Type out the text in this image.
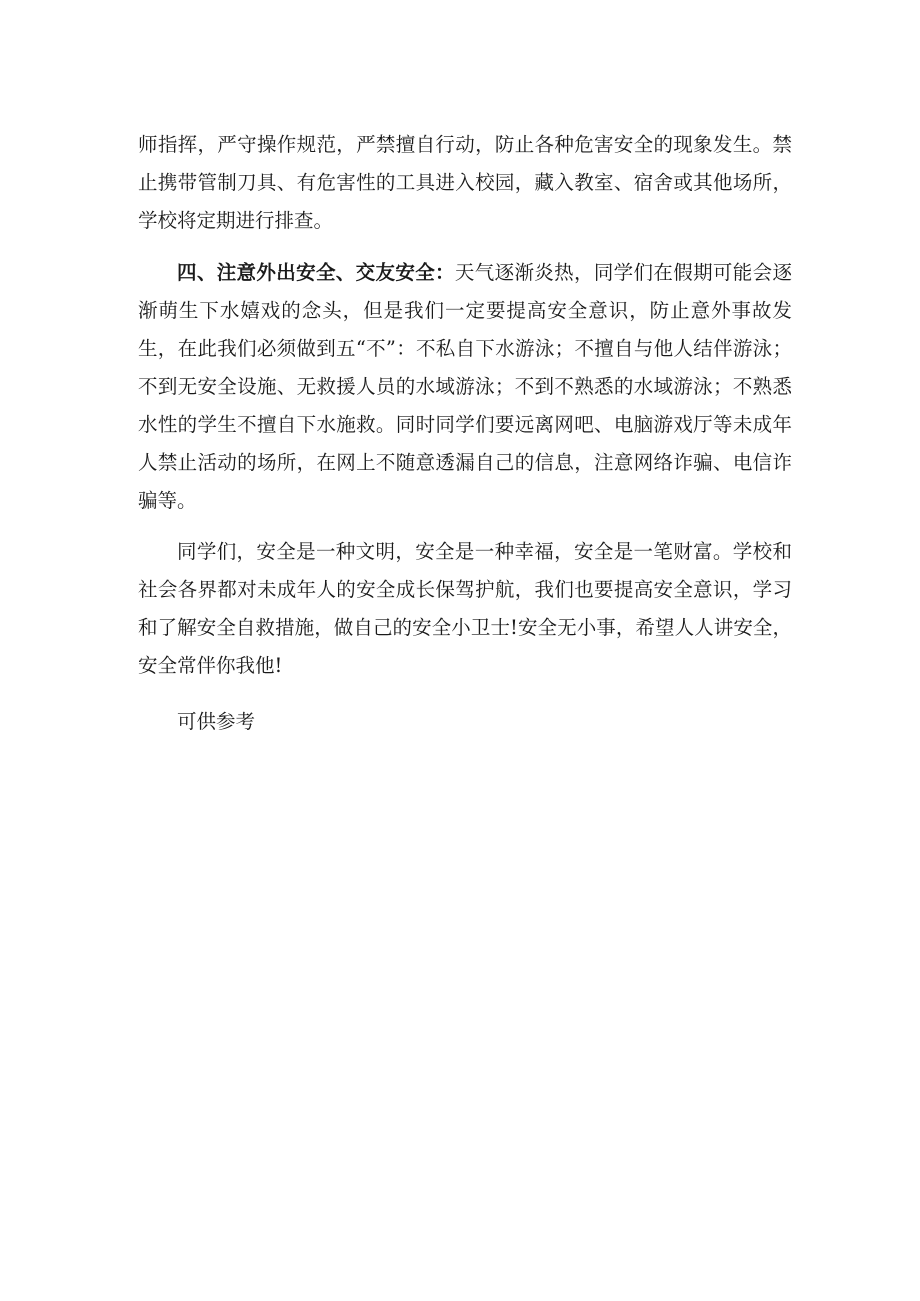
师指挥，严守操作规范，严禁擅自行动，防止各种危害安全的现象发生。禁止携带管制刀具、有危害性的工具进入校园，藏入教室、宿舍或其他场所，学校将定期进行排查。

四、注意外出安全、交友安全：天气逐渐炎热，同学们在假期可能会逐渐萌生下水嬉戏的念头，但是我们一定要提高安全意识，防止意外事故发生，在此我们必须做到五“不”：不私自下水游泳；不擅自与他人结伴游泳；不到无安全设施、无救援人员的水域游泳；不到不熟悉的水域游泳；不熟悉水性的学生不擅自下水施救。同时同学们要远离网吧、电脑游戏厅等未成年人禁止活动的场所，在网上不随意透漏自己的信息，注意网络诈骗、电信诈骗等。

同学们，安全是一种文明，安全是一种幸福，安全是一笔财富。学校和社会各界都对未成年人的安全成长保驾护航，我们也要提高安全意识，学习和了解安全自救措施，做自己的安全小卫士!安全无小事，希望人人讲安全，安全常伴你我他!

可供参考
